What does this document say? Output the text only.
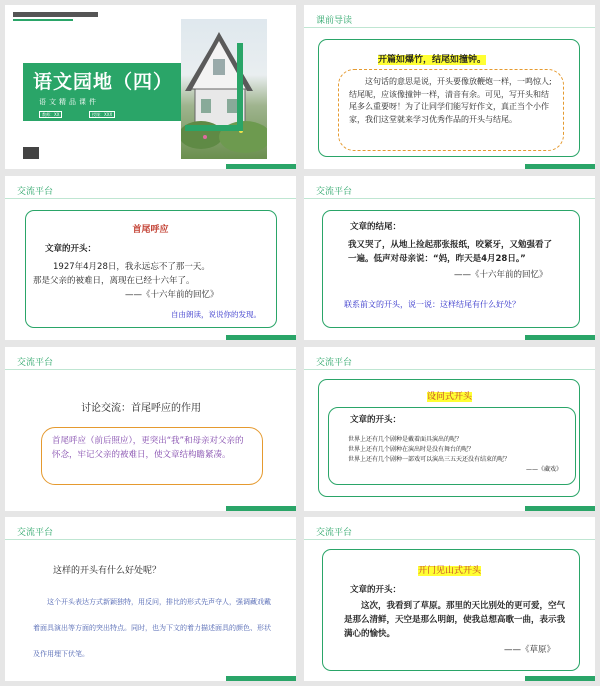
语文园地（四）
语文精品课件
教师：XX	授课：XXX
课前导读
开篇如爆竹，结尾如撞钟。
这句话的意思是说，开头要像放鞭炮一样，一鸣惊人;结尾呢，应该像撞钟一样，清音有余。可见，写开头和结尾多么重要呀！为了让同学们能写好作文，真正当个小作家，我们这堂就来学习优秀作品的开头与结尾。
交流平台
首尾呼应
文章的开头：
1927年4月28日，我永远忘不了那一天。
那是父亲的被难日，离现在已经十六年了。
——《十六年前的回忆》
自由朗读，说说你的发现。
交流平台
文章的结尾：
我又哭了，从地上捡起那张报纸，咬紧牙，又勉强看了一遍。低声对母亲说：“妈，昨天是4月28日。”
——《十六年前的回忆》
联系前文的开头，说一说：这样结尾有什么好处？
交流平台
讨论交流：首尾呼应的作用
首尾呼应（前后照应），更突出“我”和母亲对父亲的怀念，牢记父亲的被难日，使文章结构瞻紧凑。
交流平台
设问式开头
文章的开头：
世界上还有几个剧种是戴着面具演出的呢？
世界上还有几个剧种在演出时是没有舞台的呢？
世界上还有几个剧种一部戏可以演出三五天还没有结束的呢？
——《藏戏》
交流平台
这样的开头有什么好处呢？
这个开头表达方式新颖独特，用反问，排比的形式先声夺人，强调藏戏戴着面具演出等方面的突出特点。同时，也为下文的着力描述面具的颜色、形状及作用埋下伏笔。
交流平台
开门见山式开头
文章的开头：
这次，我看到了草原。那里的天比别处的更可爱，空气是那么清鲜，天空是那么明朗，使我总想高歌一曲，表示我满心的愉快。
——《草原》
